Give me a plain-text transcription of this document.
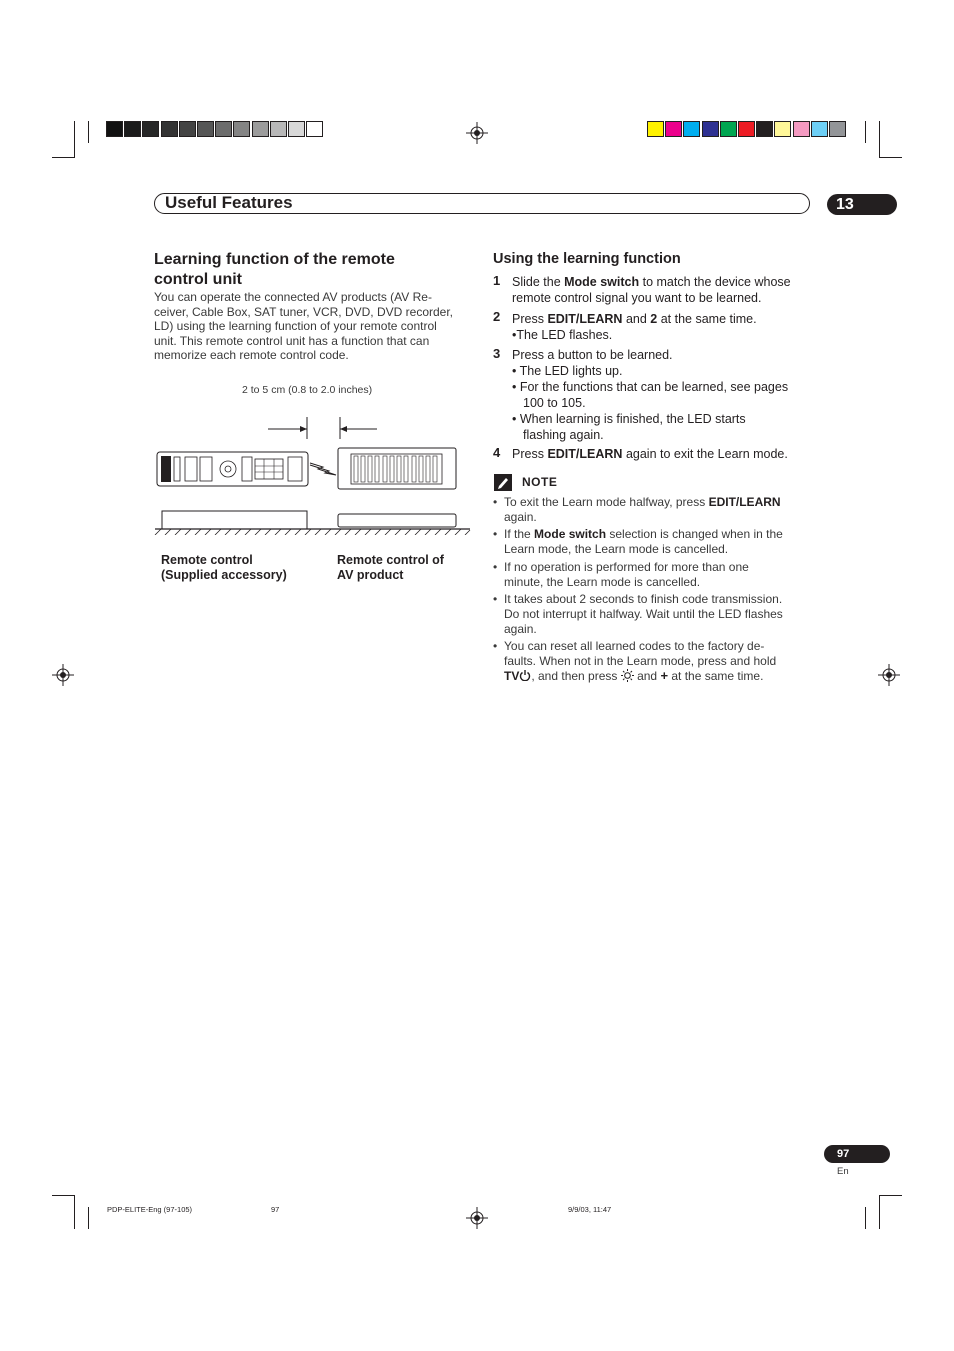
Useful Features	13
Learning function of the remote
control unit
You can operate the connected AV products (AV Re-
ceiver, Cable Box, SAT tuner, VCR, DVD, DVD recorder,
LD) using the learning function of your remote control
unit. This remote control unit has a function that can
memorize each remote control code.
2 to 5 cm (0.8 to 2.0 inches)
Remote control
(Supplied accessory)
Remote control of
AV product
Using the learning function
1 Slide the Mode switch to match the device whose
remote control signal you want to be learned.
2 Press EDIT/LEARN and 2 at the same time.
•The LED flashes.
3 Press a button to be learned.
• The LED lights up.
• For the functions that can be learned, see pages
100 to 105.
• When learning is finished, the LED starts
flashing again.
4 Press EDIT/LEARN again to exit the Learn mode.
NOTE
• To exit the Learn mode halfway, press EDIT/LEARN
again.
• If the Mode switch selection is changed when in the
Learn mode, the Learn mode is cancelled.
• If no operation is performed for more than one
minute, the Learn mode is cancelled.
• It takes about 2 seconds to finish code transmission.
Do not interrupt it halfway. Wait until the LED flashes
again.
• You can reset all learned codes to the factory de-
faults. When not in the Learn mode, press and hold
TV , and then press  and + at the same time.
97
En
PDP-ELITE-Eng (97-105)	97	9/9/03, 11:47
